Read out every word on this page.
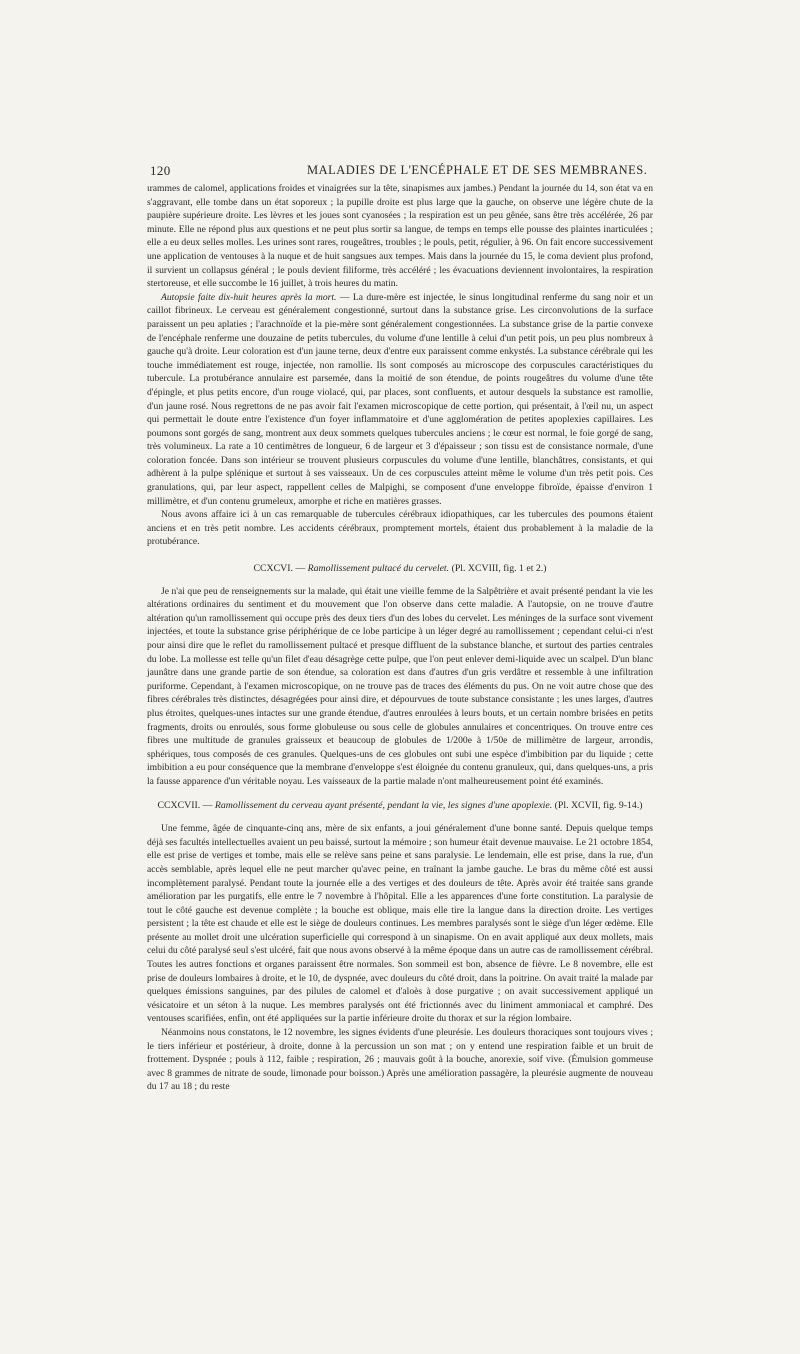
120	MALADIES DE L'ENCÉPHALE ET DE SES MEMBRANES.

ɩrammes de calomel, applications froides et vinaigrées sur la tête, sinapismes aux jambes.) Pendant la journée du 14, son état va en s'aggravant, elle tombe dans un état soporeux ; la pupille droite est plus large que la gauche, on observe une légère chute de la paupière supérieure droite. Les lèvres et les joues sont cyanosées ; la respiration est un peu gênée, sans être très accélérée, 26 par minute. Elle ne répond plus aux questions et ne peut plus sortir sa langue, de temps en temps elle pousse des plaintes inarticulées ; elle a eu deux selles molles. Les urines sont rares, rougeâtres, troubles ; le pouls, petit, régulier, à 96. On fait encore successivement une application de ventouses à la nuque et de huit sangsues aux tempes. Mais dans la journée du 15, le coma devient plus profond, il survient un collapsus général ; le pouls devient filiforme, très accéléré ; les évacuations deviennent involontaires, la respiration stertoreuse, et elle succombe le 16 juillet, à trois heures du matin.

Autopsie faite dix-huit heures après la mort. — La dure-mère est injectée, le sinus longitudinal renferme du sang noir et un caillot fibrineux. Le cerveau est généralement congestionné, surtout dans la substance grise. Les circonvolutions de la surface paraissent un peu aplaties ; l'arachnoïde et la pie-mère sont généralement congestionnées. La substance grise de la partie convexe de l'encéphale renferme une douzaine de petits tubercules, du volume d'une lentille à celui d'un petit pois, un peu plus nombreux à gauche qu'à droite. Leur coloration est d'un jaune terne, deux d'entre eux paraissent comme enkystés. La substance cérébrale qui les touche immédiatement est rouge, injectée, non ramollie. Ils sont composés au microscope des corpuscules caractéristiques du tubercule. La protubérance annulaire est parsemée, dans la moitié de son étendue, de points rougeâtres du volume d'une tête d'épingle, et plus petits encore, d'un rouge violacé, qui, par places, sont confluents, et autour desquels la substance est ramollie, d'un jaune rosé. Nous regrettons de ne pas avoir fait l'examen microscopique de cette portion, qui présentait, à l'œil nu, un aspect qui permettait le doute entre l'existence d'un foyer inflammatoire et d'une agglomération de petites apoplexies capillaires. Les poumons sont gorgés de sang, montrent aux deux sommets quelques tubercules anciens ; le cœur est normal, le foie gorgé de sang, très volumineux. La rate a 10 centimètres de longueur, 6 de largeur et 3 d'épaisseur ; son tissu est de consistance normale, d'une coloration foncée. Dans son intérieur se trouvent plusieurs corpuscules du volume d'une lentille, blanchâtres, consistants, et qui adhèrent à la pulpe splénique et surtout à ses vaisseaux. Un de ces corpuscules atteint même le volume d'un très petit pois. Ces granulations, qui, par leur aspect, rappellent celles de Malpighi, se composent d'une enveloppe fibroïde, épaisse d'environ 1 millimètre, et d'un contenu grumeleux, amorphe et riche en matières grasses.

Nous avons affaire ici à un cas remarquable de tubercules cérébraux idiopathiques, car les tubercules des poumons étaient anciens et en très petit nombre. Les accidents cérébraux, promptement mortels, étaient dus probablement à la maladie de la protubérance.

CCXCVI. — Ramollissement pultacé du cervelet. (Pl. XCVIII, fig. 1 et 2.)

Je n'ai que peu de renseignements sur la malade, qui était une vieille femme de la Salpêtrière et avait présenté pendant la vie les altérations ordinaires du sentiment et du mouvement que l'on observe dans cette maladie. A l'autopsie, on ne trouve d'autre altération qu'un ramollissement qui occupe près des deux tiers d'un des lobes du cervelet. Les méninges de la surface sont vivement injectées, et toute la substance grise périphérique de ce lobe participe à un léger degré au ramollissement ; cependant celui-ci n'est pour ainsi dire que le reflet du ramollissement pultacé et presque diffluent de la substance blanche, et surtout des parties centrales du lobe. La mollesse est telle qu'un filet d'eau désagrège cette pulpe, que l'on peut enlever demi-liquide avec un scalpel. D'un blanc jaunâtre dans une grande partie de son étendue, sa coloration est dans d'autres d'un gris verdâtre et ressemble à une infiltration puriforme. Cependant, à l'examen microscopique, on ne trouve pas de traces des éléments du pus. On ne voit autre chose que des fibres cérébrales très distinctes, désagrégées pour ainsi dire, et dépourvues de toute substance consistante ; les unes larges, d'autres plus étroites, quelques-unes intactes sur une grande étendue, d'autres enroulées à leurs bouts, et un certain nombre brisées en petits fragments, droits ou enroulés, sous forme globuleuse ou sous celle de globules annulaires et concentriques. On trouve entre ces fibres une multitude de granules graisseux et beaucoup de globules de 1/200e à 1/50e de millimètre de largeur, arrondis, sphériques, tous composés de ces granules. Quelques-uns de ces globules ont subi une espèce d'imbibition par du liquide ; cette imbibition a eu pour conséquence que la membrane d'enveloppe s'est éloignée du contenu granuleux, qui, dans quelques-uns, a pris la fausse apparence d'un véritable noyau. Les vaisseaux de la partie malade n'ont malheureusement point été examinés.

CCXCVII. — Ramollissement du cerveau ayant présenté, pendant la vie, les signes d'une apoplexie. (Pl. XCVII, fig. 9-14.)

Une femme, âgée de cinquante-cinq ans, mère de six enfants, a joui généralement d'une bonne santé. Depuis quelque temps déjà ses facultés intellectuelles avaient un peu baissé, surtout la mémoire ; son humeur était devenue mauvaise. Le 21 octobre 1854, elle est prise de vertiges et tombe, mais elle se relève sans peine et sans paralysie. Le lendemain, elle est prise, dans la rue, d'un accès semblable, après lequel elle ne peut marcher qu'avec peine, en traînant la jambe gauche. Le bras du même côté est aussi incomplètement paralysé. Pendant toute la journée elle a des vertiges et des douleurs de tête. Après avoir été traitée sans grande amélioration par les purgatifs, elle entre le 7 novembre à l'hôpital. Elle a les apparences d'une forte constitution. La paralysie de tout le côté gauche est devenue complète ; la bouche est oblique, mais elle tire la langue dans la direction droite. Les vertiges persistent ; la tête est chaude et elle est le siège de douleurs continues. Les membres paralysés sont le siège d'un léger œdème. Elle présente au mollet droit une ulcération superficielle qui correspond à un sinapisme. On en avait appliqué aux deux mollets, mais celui du côté paralysé seul s'est ulcéré, fait que nous avons observé à la même époque dans un autre cas de ramollissement cérébral. Toutes les autres fonctions et organes paraissent être normales. Son sommeil est bon, absence de fièvre. Le 8 novembre, elle est prise de douleurs lombaires à droite, et le 10, de dyspnée, avec douleurs du côté droit, dans la poitrine. On avait traité la malade par quelques émissions sanguines, par des pilules de calomel et d'aloès à dose purgative ; on avait successivement appliqué un vésicatoire et un séton à la nuque. Les membres paralysés ont été frictionnés avec du liniment ammoniacal et camphré. Des ventouses scarifiées, enfin, ont été appliquées sur la partie inférieure droite du thorax et sur la région lombaire.

Néanmoins nous constatons, le 12 novembre, les signes évidents d'une pleurésie. Les douleurs thoraciques sont toujours vives ; le tiers inférieur et postérieur, à droite, donne à la percussion un son mat ; on y entend une respiration faible et un bruit de frottement. Dyspnée ; pouls à 112, faible ; respiration, 26 ; mauvais goût à la bouche, anorexie, soif vive. (Émulsion gommeuse avec 8 grammes de nitrate de soude, limonade pour boisson.) Après une amélioration passagère, la pleurésie augmente de nouveau du 17 au 18 ; du reste
